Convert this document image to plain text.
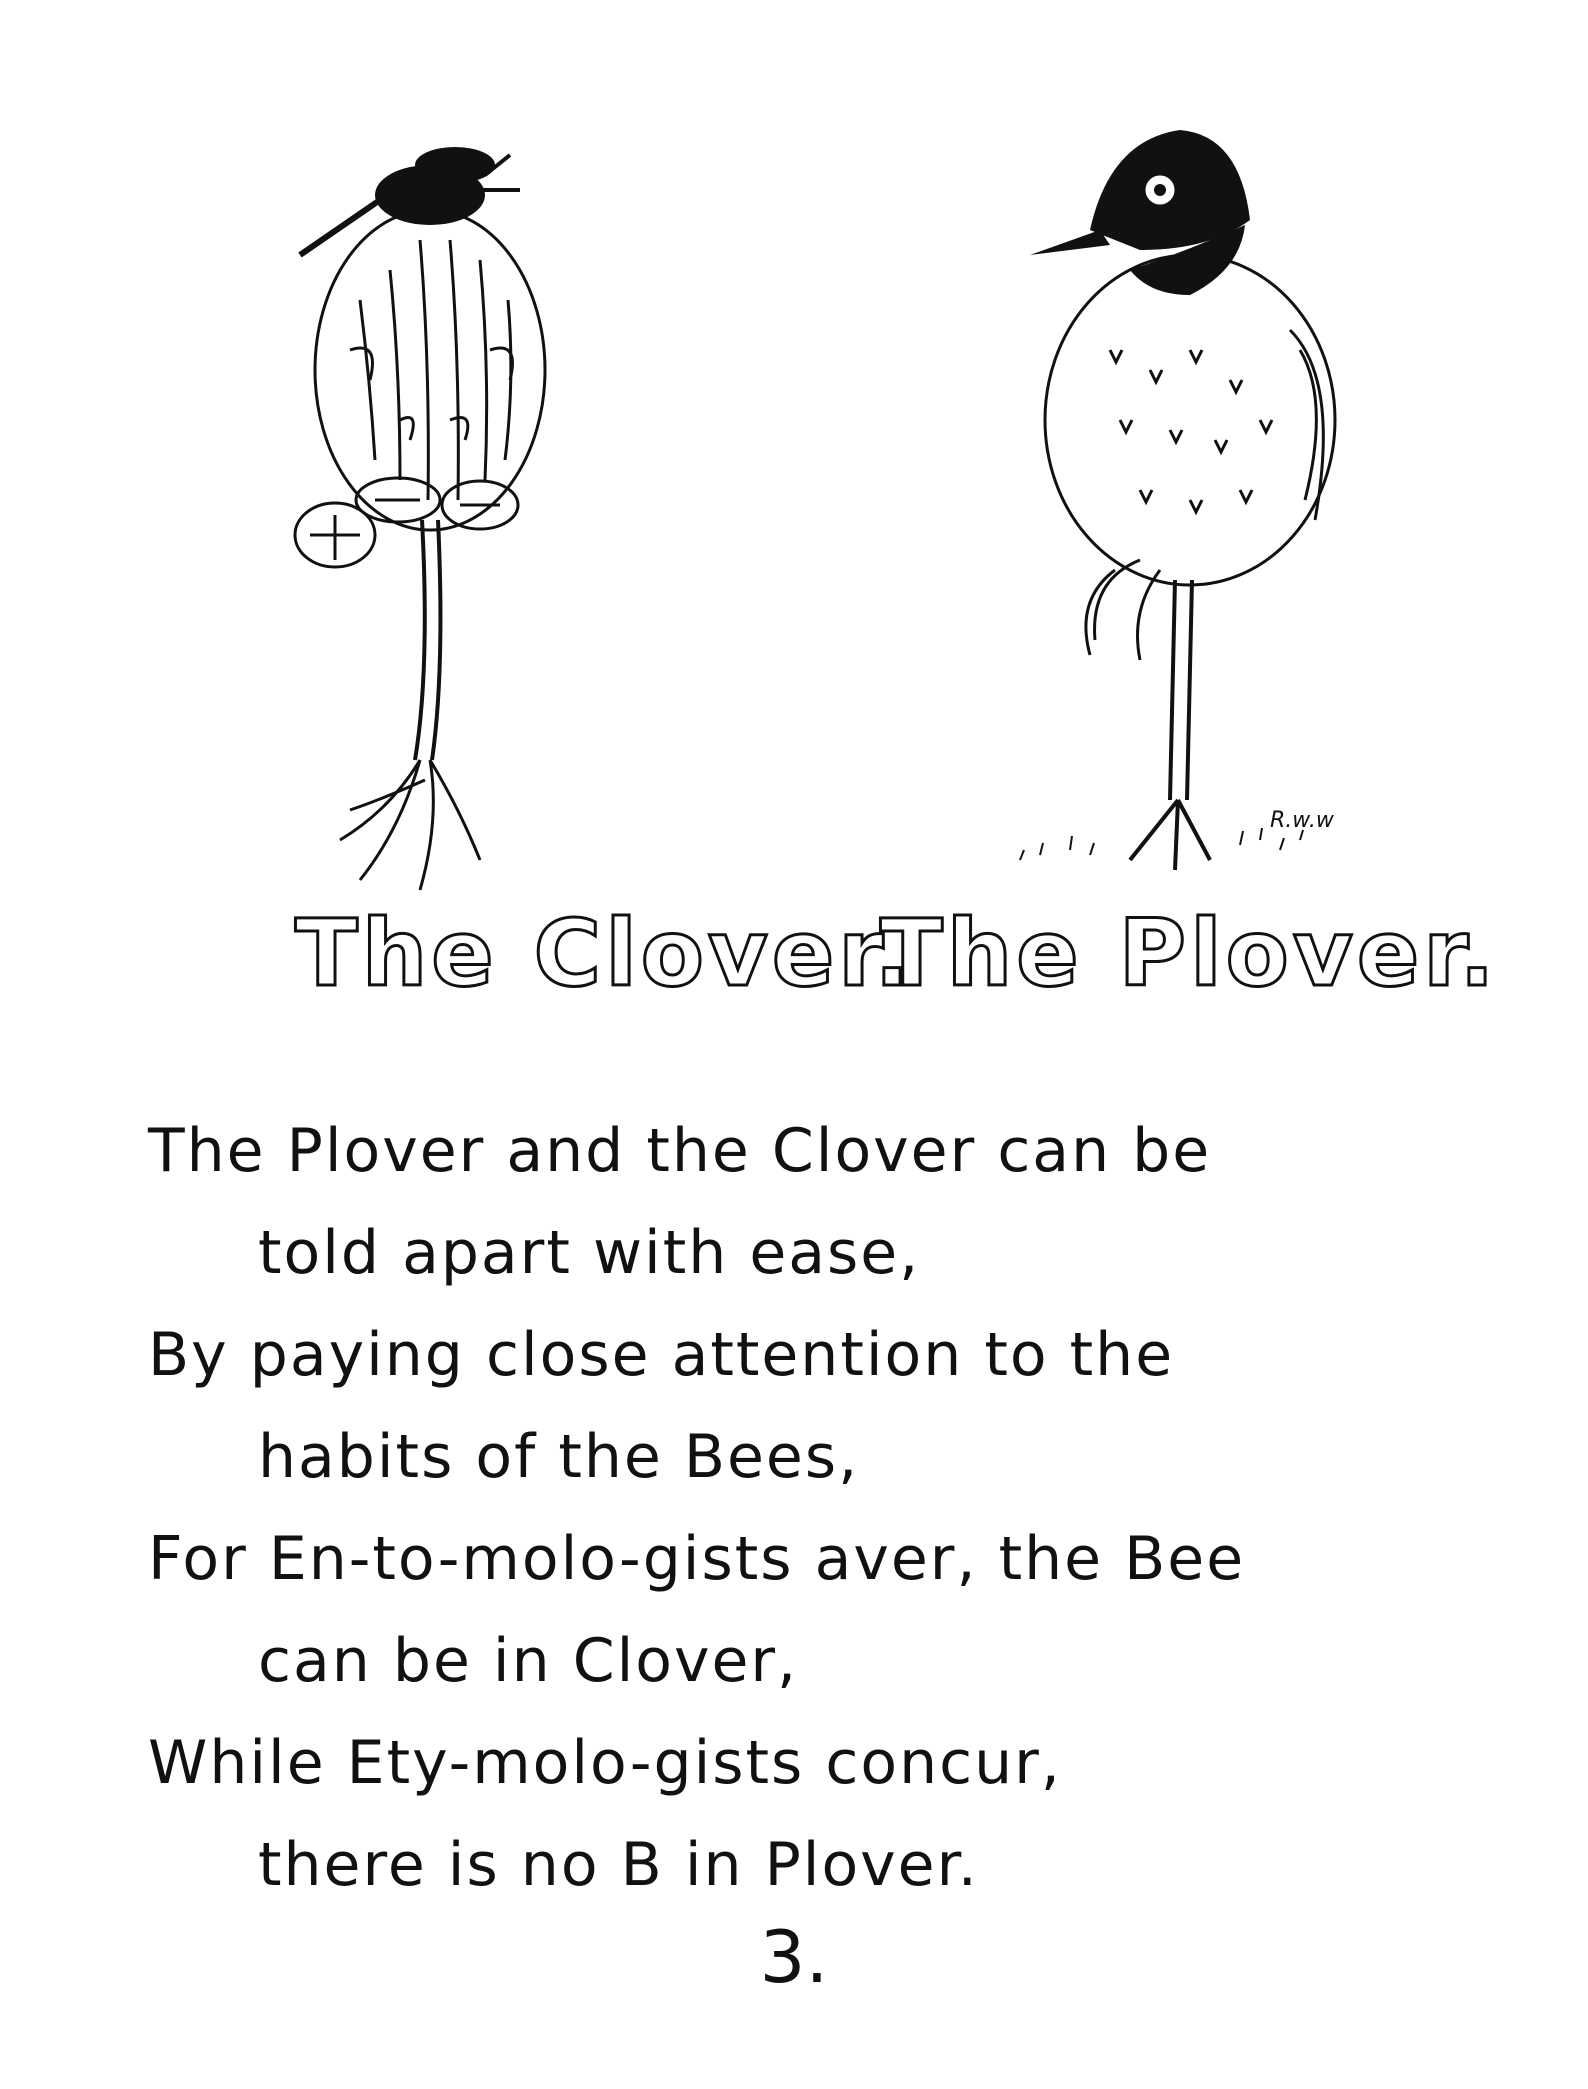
R.w.w
The Clover.
The Plover.
The Plover and the Clover can be
told apart with ease,
By paying close attention to the
habits of the Bees,
For En-to-molo-gists aver, the Bee
can be in Clover,
While Ety-molo-gists concur,
there is no B in Plover.
3.
